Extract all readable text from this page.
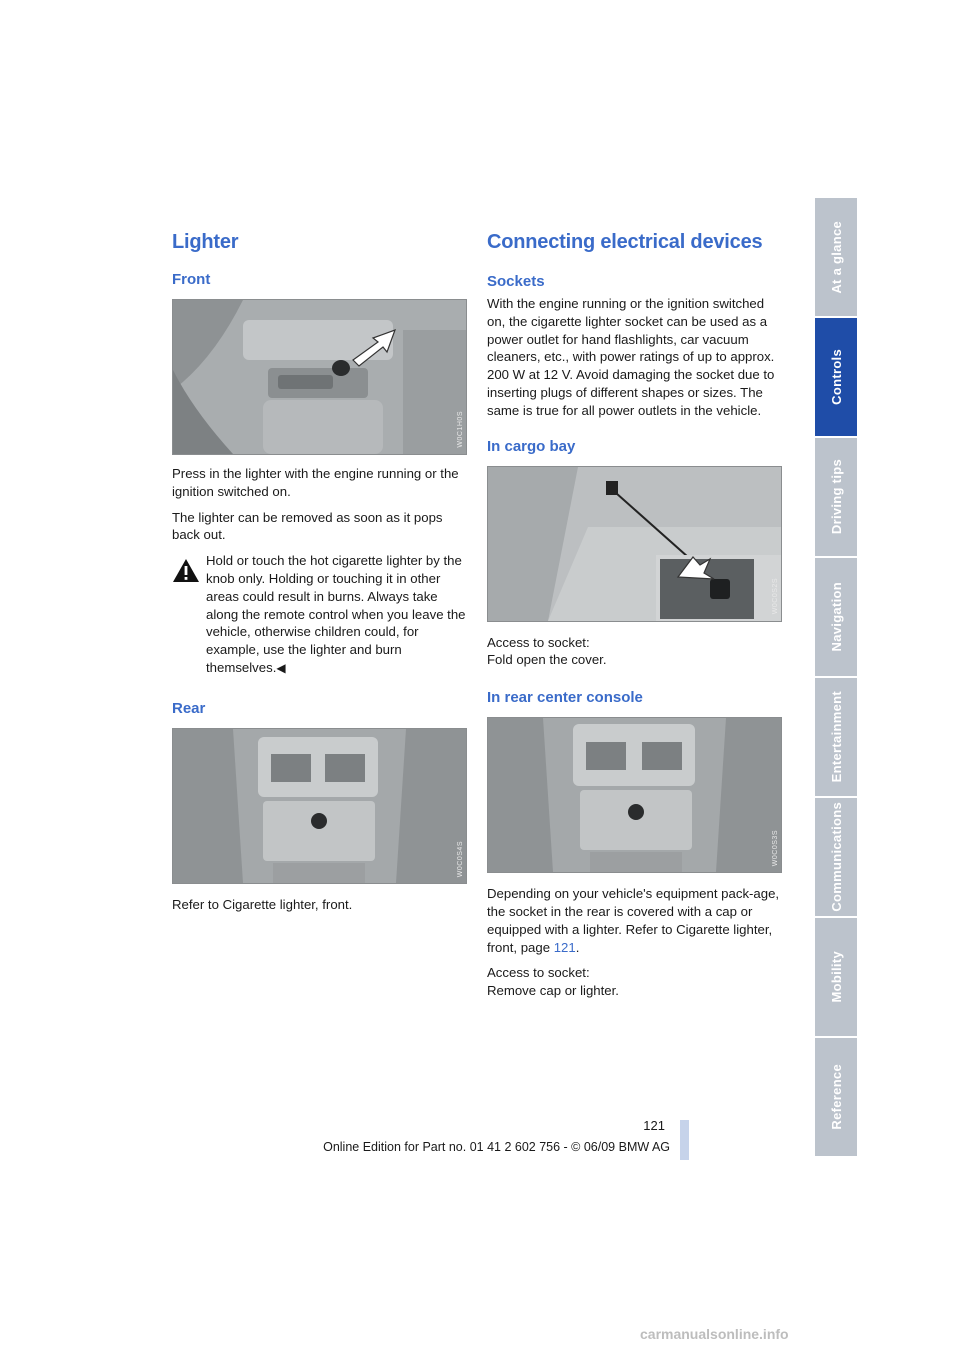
Lighter
Front
W0C1H0S

Press in the lighter with the engine running or the ignition switched on.

The lighter can be removed as soon as it pops back out.

Hold or touch the hot cigarette lighter by the knob only. Holding or touching it in other areas could result in burns. Always take along the remote control when you leave the vehicle, otherwise children could, for example, use the lighter and burn themselves.◀

Rear
W0C0S4S

Refer to Cigarette lighter, front.

Connecting electrical devices
Sockets

With the engine running or the ignition switched on, the cigarette lighter socket can be used as a power outlet for hand flashlights, car vacuum cleaners, etc., with power ratings of up to approx. 200 W at 12 V. Avoid damaging the socket due to inserting plugs of different shapes or sizes. The same is true for all power outlets in the vehicle.

In cargo bay
W0C0S2S

Access to socket:

Fold open the cover.

In rear center console
W0C0S3S

Depending on your vehicle's equipment pack-age, the socket in the rear is covered with a cap or equipped with a lighter. Refer to Cigarette lighter, front, page 121.

Access to socket:

Remove cap or lighter.

At a glance
Controls
Driving tips
Navigation
Entertainment
Communications
Mobility
Reference
121
Online Edition for Part no. 01 41 2 602 756 - © 06/09 BMW AG
carmanualsonline.info
